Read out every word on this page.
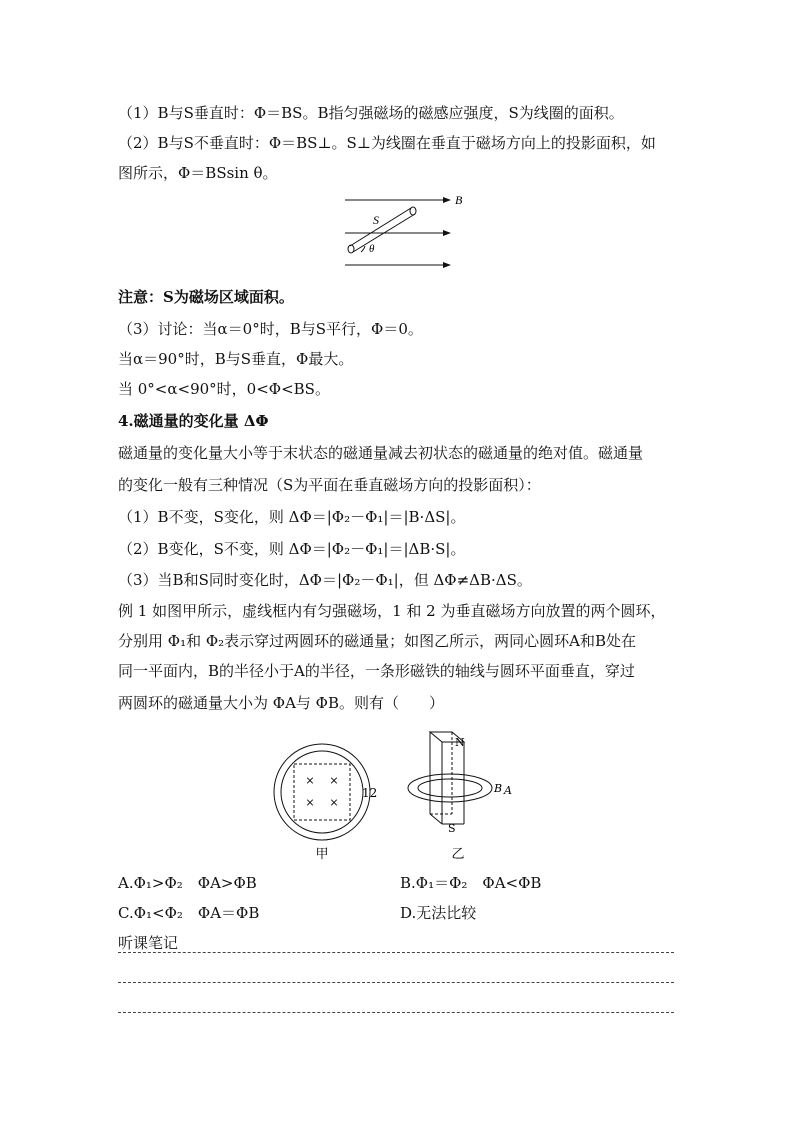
（1）B与S垂直时：Φ＝BS。B指匀强磁场的磁感应强度，S为线圈的面积。
（2）B与S不垂直时：Φ＝BS⊥。S⊥为线圈在垂直于磁场方向上的投影面积，如
图所示，Φ＝BSsin θ。
B
S
θ
注意：S为磁场区域面积。
（3）讨论：当α＝0°时，B与S平行，Φ＝0。
当α＝90°时，B与S垂直，Φ最大。
当 0°<α<90°时，0<Φ<BS。
4.磁通量的变化量 ΔΦ
磁通量的变化量大小等于末状态的磁通量减去初状态的磁通量的绝对值。磁通量
的变化一般有三种情况（S为平面在垂直磁场方向的投影面积）：
（1）B不变，S变化，则 ΔΦ＝|Φ₂－Φ₁|＝|B·ΔS|。
（2）B变化，S不变，则 ΔΦ＝|Φ₂－Φ₁|＝|ΔB·S|。
（3）当B和S同时变化时，ΔΦ＝|Φ₂－Φ₁|，但 ΔΦ≠ΔB·ΔS。
例 1 如图甲所示，虚线框内有匀强磁场，1 和 2 为垂直磁场方向放置的两个圆环，
分别用 Φ₁和 Φ₂表示穿过两圆环的磁通量；如图乙所示，两同心圆环A和B处在
同一平面内，B的半径小于A的半径，一条形磁铁的轴线与圆环平面垂直，穿过
两圆环的磁通量大小为 ΦA与 ΦB。则有（　　）
× ×
× ×
12
甲
N
S
B A
乙
A.Φ₁>Φ₂　ΦA>ΦB	B.Φ₁＝Φ₂　ΦA<ΦB
C.Φ₁<Φ₂　ΦA＝ΦB	D.无法比较
听课笔记
